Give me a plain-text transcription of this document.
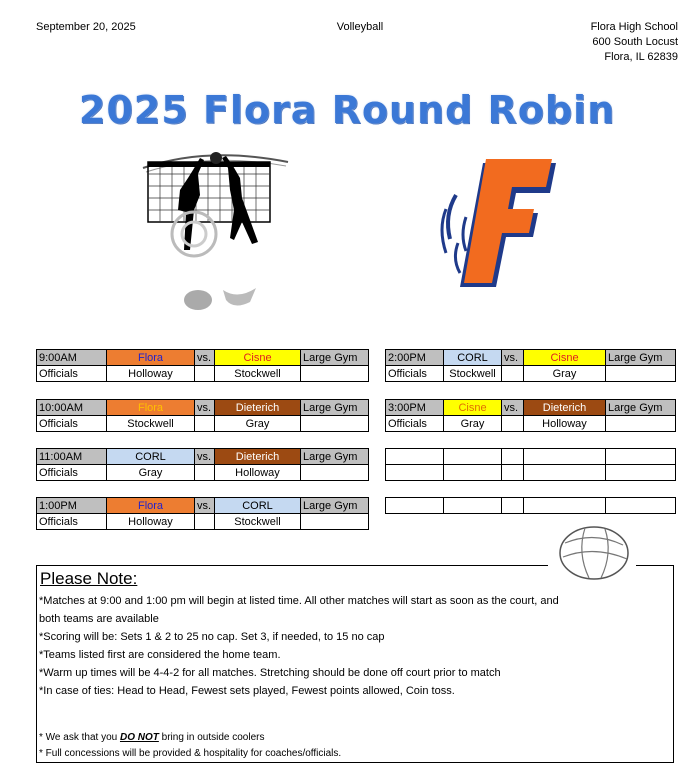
September 20, 2025	Volleyball	Flora High School
600 South Locust
Flora, IL 62839
2025 Flora Round Robin
9:00AM	Flora	vs.	Cisne	Large Gym
Officials	Holloway		Stockwell	
10:00AM	Flora	vs.	Dieterich	Large Gym
Officials	Stockwell		Gray	
11:00AM	CORL	vs.	Dieterich	Large Gym
Officials	Gray		Holloway	
1:00PM	Flora	vs.	CORL	Large Gym
Officials	Holloway		Stockwell	
2:00PM	CORL	vs.	Cisne	Large Gym
Officials	Stockwell		Gray	
3:00PM	Cisne	vs.	Dieterich	Large Gym
Officials	Gray		Holloway	

Please Note:
*Matches at 9:00 and 1:00 pm will begin at listed time. All other matches will start as soon as the court, and
both teams are available
*Scoring will be: Sets 1 & 2 to 25 no cap. Set 3, if needed, to 15 no cap
*Teams listed first are considered the home team.
*Warm up times will be 4-4-2 for all matches. Stretching should be done off court prior to match
*In case of ties: Head to Head, Fewest sets played, Fewest points allowed, Coin toss.
* We ask that you DO NOT bring in outside coolers
* Full concessions will be provided & hospitality for coaches/officials.
